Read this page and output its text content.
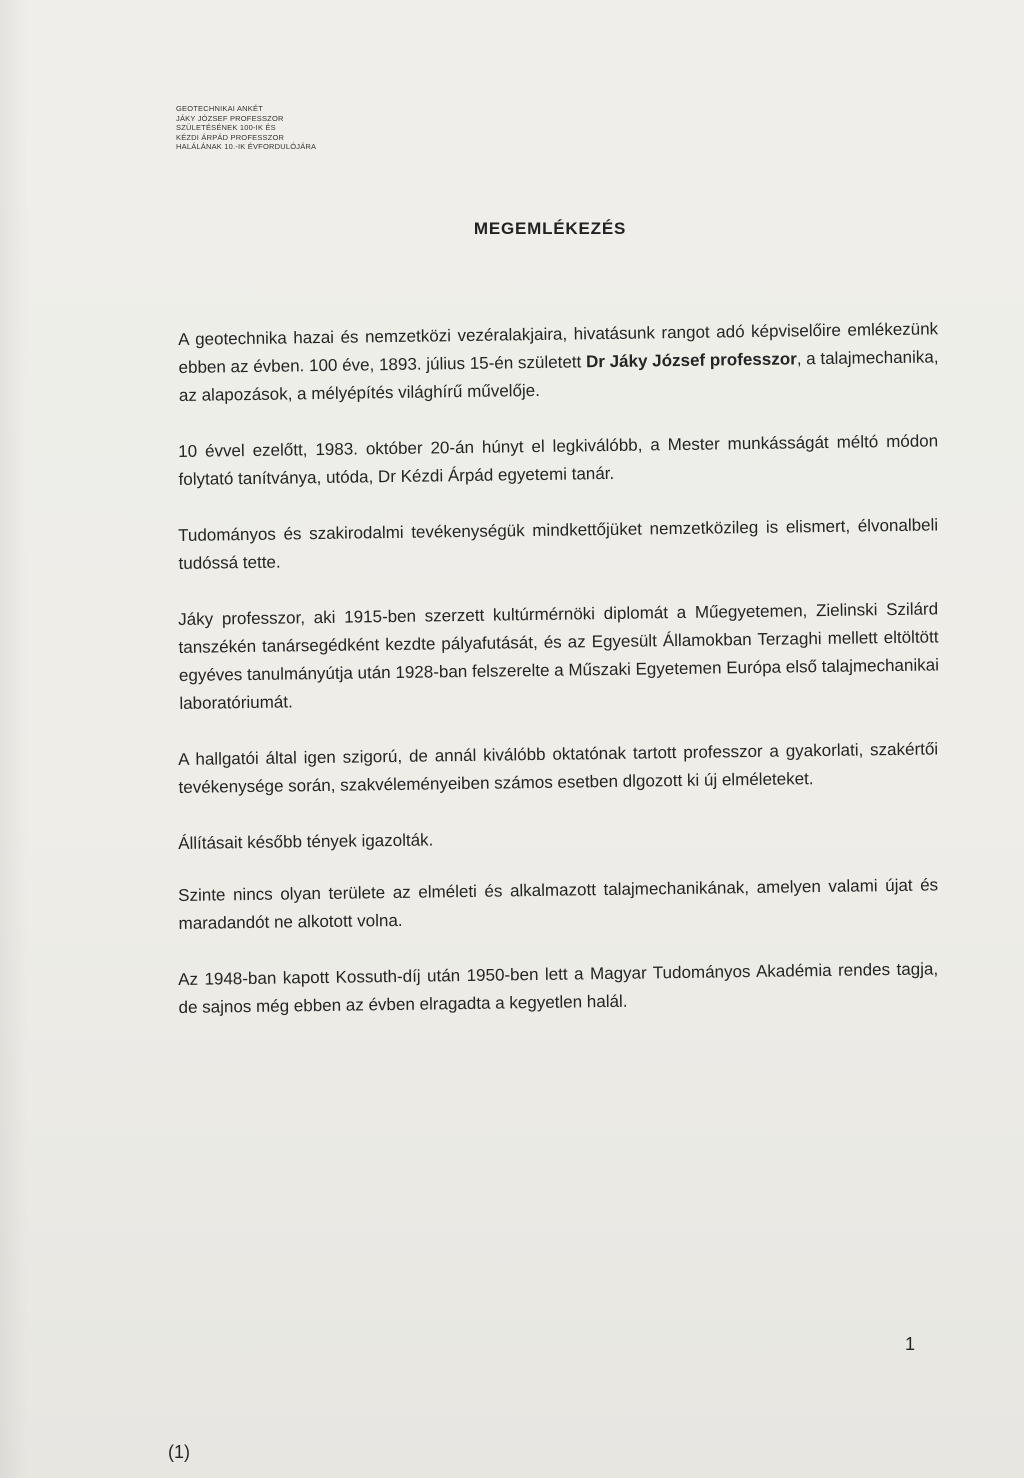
GEOTECHNIKAI ANKÉT
JÁKY JÓZSEF PROFESSZOR
SZÜLETÉSÉNEK 100-IK ÉS
KÉZDI ÁRPÁD PROFESSZOR
HALÁLÁNAK 10.-IK ÉVFORDULÓJÁRA
MEGEMLÉKEZÉS

A geotechnika hazai és nemzetközi vezéralakjaira, hivatásunk rangot adó képviselőire emlékezünk ebben az évben. 100 éve, 1893. július 15-én született Dr Jáky József professzor, a talajmechanika, az alapozások, a mélyépítés világhírű művelője.

10 évvel ezelőtt, 1983. október 20-án húnyt el legkiválóbb, a Mester munkásságát méltó módon folytató tanítványa, utóda, Dr Kézdi Árpád egyetemi tanár.

Tudományos és szakirodalmi tevékenységük mindkettőjüket nemzetközileg is elismert, élvonalbeli tudóssá tette.

Jáky professzor, aki 1915-ben szerzett kultúrmérnöki diplomát a Műegyetemen, Zielinski Szilárd tanszékén tanársegédként kezdte pályafutását, és az Egyesült Államokban Terzaghi mellett eltöltött egyéves tanulmányútja után 1928-ban felszerelte a Műszaki Egyetemen Európa első talajmechanikai laboratóriumát.

A hallgatói által igen szigorú, de annál kiválóbb oktatónak tartott professzor a gyakorlati, szakértői tevékenysége során, szakvéleményeiben számos esetben dlgozott ki új elméleteket.

Állításait később tények igazolták.

Szinte nincs olyan területe az elméleti és alkalmazott talajmechanikának, amelyen valami újat és maradandót ne alkotott volna.

Az 1948-ban kapott Kossuth-díj után 1950-ben lett a Magyar Tudományos Akadémia rendes tagja, de sajnos még ebben az évben elragadta a kegyetlen halál.

1
(1)
